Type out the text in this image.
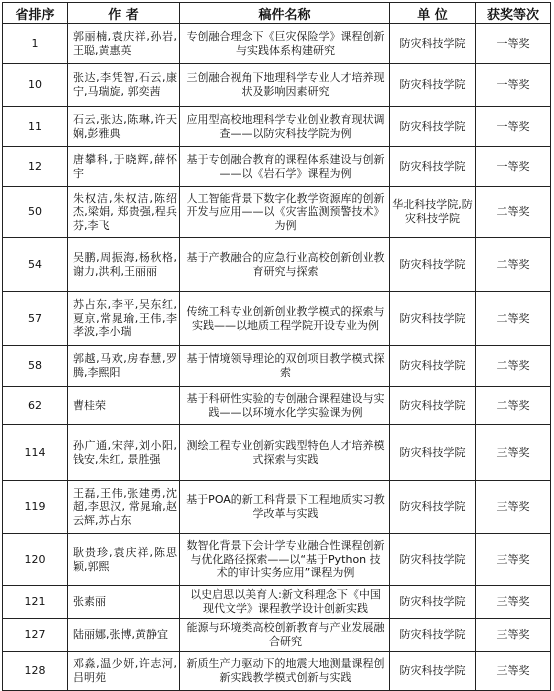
省排序	作 者	稿件名称	单 位	获奖等次
1	郭丽楠,袁庆祥,孙岩,王聪,黄惠英	专创融合理念下《巨灾保险学》课程创新与实践体系构建研究	防灾科技学院	一等奖
10	张达,李凭智,石云,康宁,马瑞旋, 郭奕茜	三创融合视角下地理科学专业人才培养现状及影响因素研究	防灾科技学院	一等奖
11	石云,张达,陈琳,许天娴,彭雅典	应用型高校地理科学专业创业教育现状调查——以防灾科技学院为例	防灾科技学院	一等奖
12	唐攀科,于晓辉,薛怀宇	基于专创融合教育的课程体系建设与创新——以《岩石学》课程为例	防灾科技学院	一等奖
50	朱权洁,朱权洁,陈绍杰,梁娟, 郑贵强,程兵芬,李飞	人工智能背景下数字化教学资源库的创新开发与应用——以《灾害监测预警技术》为例	华北科技学院,防灾科技学院	二等奖
54	吴鹏,周振海,杨秋格,谢力,洪利,王丽丽	基于产教融合的应急行业高校创新创业教育研究与探索	防灾科技学院	二等奖
57	苏占东,李平,吴东红,夏京,常晁瑜,王伟,李孝波,李小瑞	传统工科专业创新创业教学模式的探索与实践——以地质工程学院开设专业为例	防灾科技学院	二等奖
58	郭越,马欢,房春慧,罗腾,李熙阳	基于情境领导理论的双创项目教学模式探索	防灾科技学院	二等奖
62	曹桂荣	基于科研性实验的专创融合课程建设与实践——以环境水化学实验课为例	防灾科技学院	二等奖
114	孙广通,宋萍,刘小阳,钱安,朱红, 景胜强	测绘工程专业创新实践型特色人才培养模式探索与实践	防灾科技学院	三等奖
119	王磊,王伟,张建勇,沈超,李思汉, 常晁瑜,赵云辉,苏占东	基于POA的新工科背景下工程地质实习教学改革与实践	防灾科技学院	三等奖
120	耿贵珍,袁庆祥,陈思颖,郭熙	数智化背景下会计学专业融合性课程创新与优化路径探索——以“基于Python 技术的审计实务应用”课程为例	防灾科技学院	三等奖
121	张素丽	以史启思以美育人:新文科理念下《中国现代文学》课程教学设计创新实践	防灾科技学院	三等奖
127	陆丽娜,张博,黄静宜	能源与环境类高校创新教育与产业发展融合研究	防灾科技学院	三等奖
128	邓淼,温少妍,许志河,吕明苑	新质生产力驱动下的地震大地测量课程创新实践教学模式创新与实践	防灾科技学院	三等奖
